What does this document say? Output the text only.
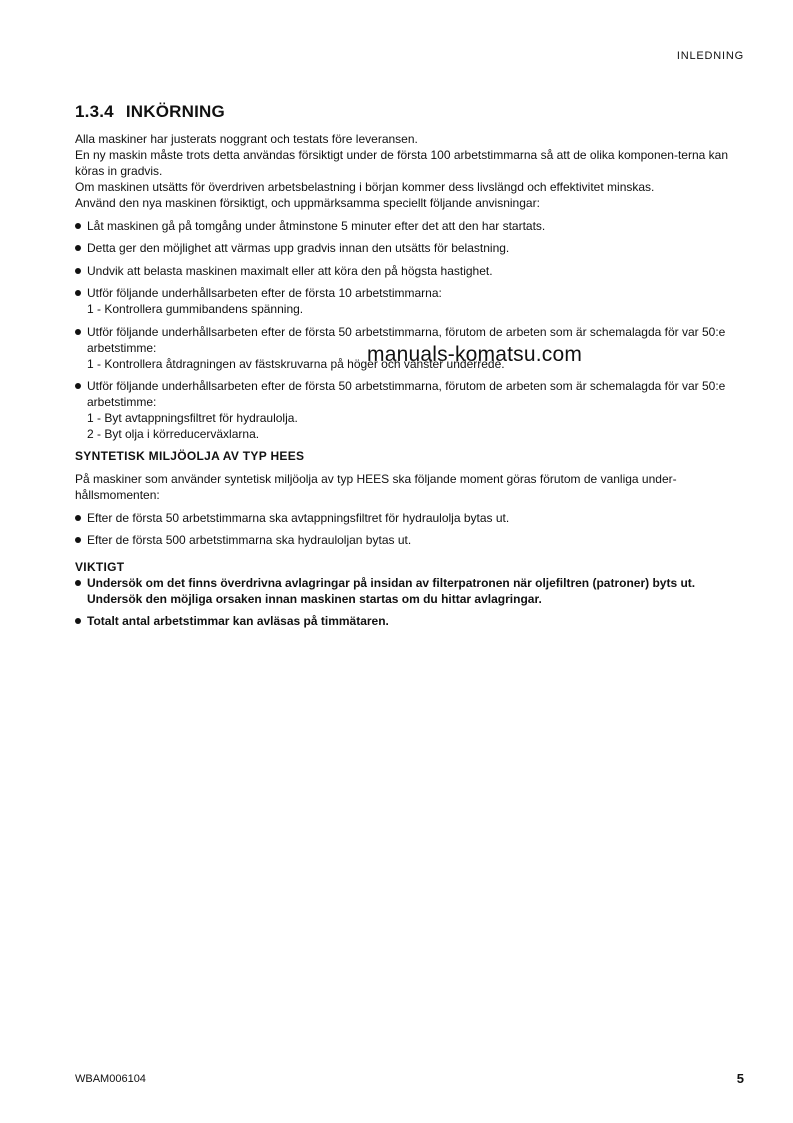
INLEDNING
1.3.4 INKÖRNING

Alla maskiner har justerats noggrant och testats före leveransen.

En ny maskin måste trots detta användas försiktigt under de första 100 arbetstimmarna så att de olika komponen-terna kan köras in gradvis.

Om maskinen utsätts för överdriven arbetsbelastning i början kommer dess livslängd och effektivitet minskas.

Använd den nya maskinen försiktigt, och uppmärksamma speciellt följande anvisningar:

Låt maskinen gå på tomgång under åtminstone 5 minuter efter det att den har startats.
Detta ger den möjlighet att värmas upp gradvis innan den utsätts för belastning.
Undvik att belasta maskinen maximalt eller att köra den på högsta hastighet.
Utför följande underhållsarbeten efter de första 10 arbetstimmarna:
1 - Kontrollera gummibandens spänning.
Utför följande underhållsarbeten efter de första 50 arbetstimmarna, förutom de arbeten som är schemalagda för var 50:e arbetstimme:
1 - Kontrollera åtdragningen av fästskruvarna på höger och vänster underrede.
Utför följande underhållsarbeten efter de första 50 arbetstimmarna, förutom de arbeten som är schemalagda för var 50:e arbetstimme:
1 - Byt avtappningsfiltret för hydraulolja.
2 - Byt olja i körreducerväxlarna.

SYNTETISK MILJÖOLJA AV TYP HEES

På maskiner som använder syntetisk miljöolja av typ HEES ska följande moment göras förutom de vanliga under-hållsmomenten:

Efter de första 50 arbetstimmarna ska avtappningsfiltret för hydraulolja bytas ut.
Efter de första 500 arbetstimmarna ska hydrauloljan bytas ut.

VIKTIGT

Undersök om det finns överdrivna avlagringar på insidan av filterpatronen när oljefiltren (patroner) byts ut.
Undersök den möjliga orsaken innan maskinen startas om du hittar avlagringar.
Totalt antal arbetstimmar kan avläsas på timmätaren.
manuals-komatsu.com
WBAM006104	5
